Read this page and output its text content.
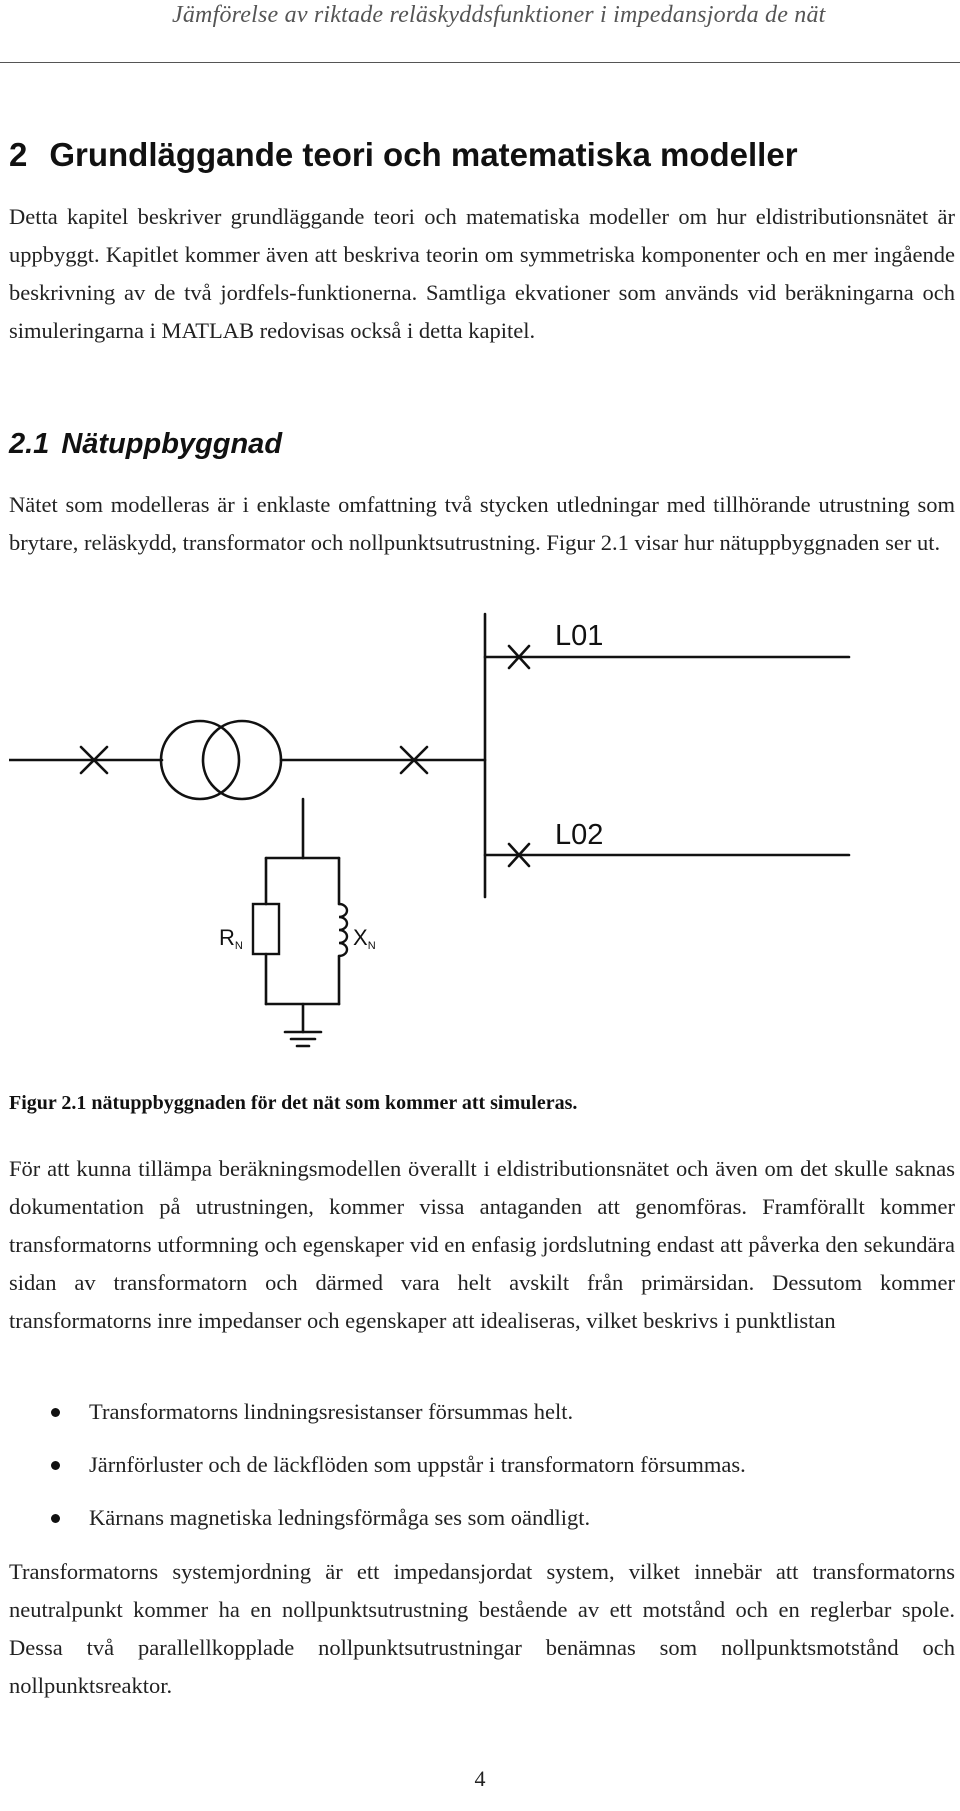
Jämförelse av riktade reläskyddsfunktioner i impedansjorda de nät
2 Grundläggande teori och matematiska modeller

Detta kapitel beskriver grundläggande teori och matematiska modeller om hur eldistributionsnätet är uppbyggt. Kapitlet kommer även att beskriva teorin om symmetriska komponenter och en mer ingående beskrivning av de två jordfels-funktionerna. Samtliga ekvationer som används vid beräkningarna och simuleringarna i MATLAB redovisas också i detta kapitel.

2.1 Nätuppbyggnad

Nätet som modelleras är i enklaste omfattning två stycken utledningar med tillhörande utrustning som brytare, reläskydd, transformator och nollpunktsutrustning. Figur 2.1 visar hur nätuppbyggnaden ser ut.

L01
L02
RN	XN

Figur 2.1 nätuppbyggnaden för det nät som kommer att simuleras.

För att kunna tillämpa beräkningsmodellen överallt i eldistributionsnätet och även om det skulle saknas dokumentation på utrustningen, kommer vissa antaganden att genomföras. Framförallt kommer transformatorns utformning och egenskaper vid en enfasig jordslutning endast att påverka den sekundära sidan av transformatorn och därmed vara helt avskilt från primärsidan. Dessutom kommer transformatorns inre impedanser och egenskaper att idealiseras, vilket beskrivs i punktlistan

Transformatorns lindningsresistanser försummas helt.
Järnförluster och de läckflöden som uppstår i transformatorn försummas.
Kärnans magnetiska ledningsförmåga ses som oändligt.

Transformatorns systemjordning är ett impedansjordat system, vilket innebär att transformatorns neutralpunkt kommer ha en nollpunktsutrustning bestående av ett motstånd och en reglerbar spole. Dessa två parallellkopplade nollpunktsutrustningar benämnas som nollpunktsmotstånd och nollpunktsreaktor.

4
